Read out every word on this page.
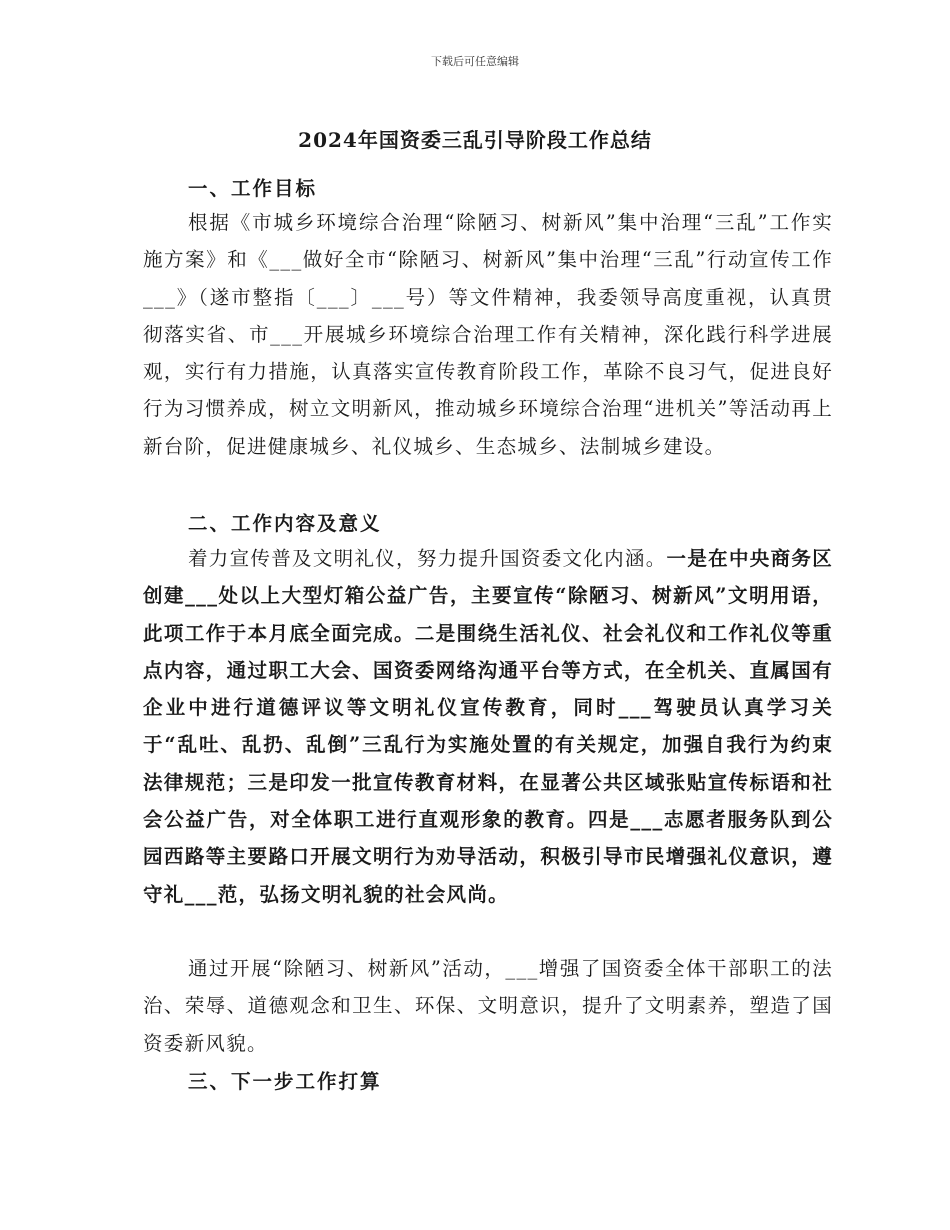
下载后可任意编辑
2024年国资委三乱引导阶段工作总结
一、工作目标

根据《市城乡环境综合治理“除陋习、树新风”集中治理“三乱”工作实施方案》和《___做好全市“除陋习、树新风”集中治理“三乱”行动宣传工作___》（遂市整指〔___〕___号）等文件精神，我委领导高度重视，认真贯彻落实省、市___开展城乡环境综合治理工作有关精神，深化践行科学进展观，实行有力措施，认真落实宣传教育阶段工作，革除不良习气，促进良好行为习惯养成，树立文明新风，推动城乡环境综合治理“进机关”等活动再上新台阶，促进健康城乡、礼仪城乡、生态城乡、法制城乡建设。

二、工作内容及意义

着力宣传普及文明礼仪，努力提升国资委文化内涵。一是在中央商务区创建___处以上大型灯箱公益广告，主要宣传“除陋习、树新风”文明用语，此项工作于本月底全面完成。二是围绕生活礼仪、社会礼仪和工作礼仪等重点内容，通过职工大会、国资委网络沟通平台等方式，在全机关、直属国有企业中进行道德评议等文明礼仪宣传教育，同时___驾驶员认真学习关于“乱吐、乱扔、乱倒”三乱行为实施处置的有关规定，加强自我行为约束法律规范；三是印发一批宣传教育材料，在显著公共区域张贴宣传标语和社会公益广告，对全体职工进行直观形象的教育。四是___志愿者服务队到公园西路等主要路口开展文明行为劝导活动，积极引导市民增强礼仪意识，遵守礼___范，弘扬文明礼貌的社会风尚。

通过开展“除陋习、树新风”活动，___增强了国资委全体干部职工的法治、荣辱、道德观念和卫生、环保、文明意识，提升了文明素养，塑造了国资委新风貌。

三、下一步工作打算
